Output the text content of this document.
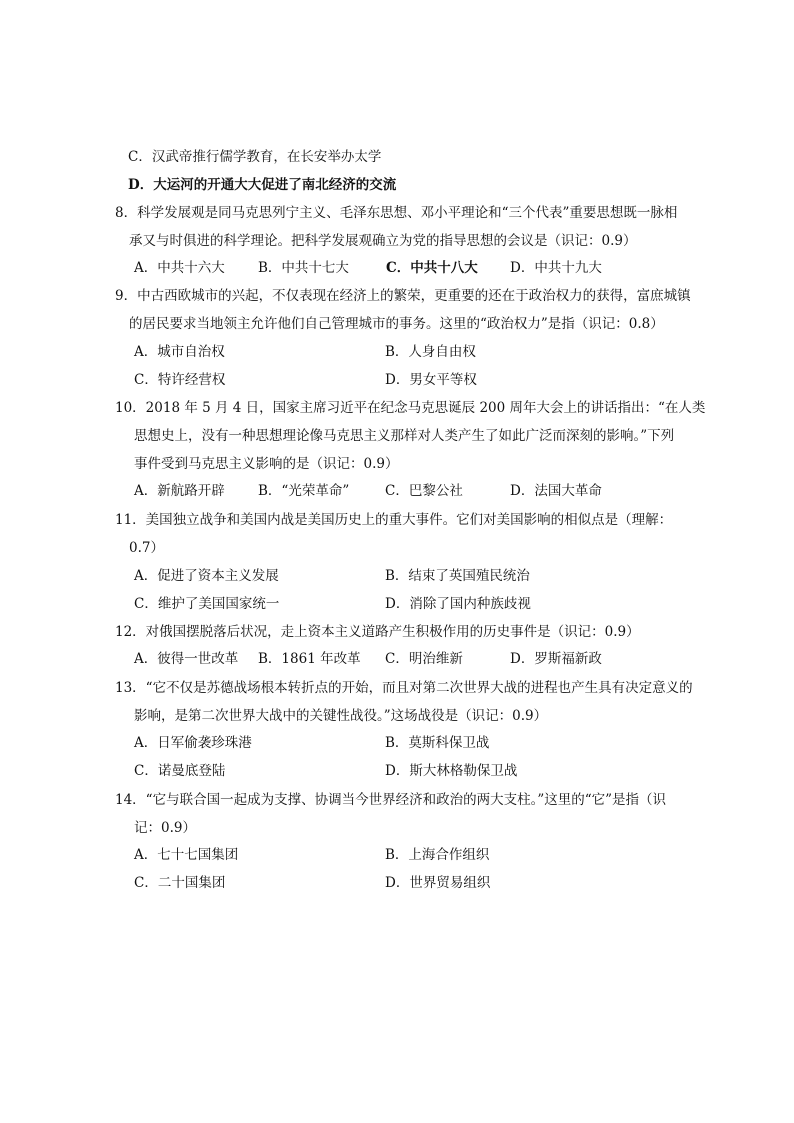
C．汉武帝推行儒学教育，在长安举办太学
D．大运河的开通大大促进了南北经济的交流
8．科学发展观是同马克思列宁主义、毛泽东思想、邓小平理论和“三个代表”重要思想既一脉相
承又与时俱进的科学理论。把科学发展观确立为党的指导思想的会议是（识记：0.9）
A．中共十六大 B．中共十七大	C．中共十八大 D．中共十九大
9．中古西欧城市的兴起，不仅表现在经济上的繁荣，更重要的还在于政治权力的获得，富庶城镇
的居民要求当地领主允许他们自己管理城市的事务。这里的“政治权力”是指（识记：0.8）
A．城市自治权	B．人身自由权
C．特许经营权	D．男女平等权
10．2018 年 5 月 4 日，国家主席习近平在纪念马克思诞辰 200 周年大会上的讲话指出：“在人类
思想史上，没有一种思想理论像马克思主义那样对人类产生了如此广泛而深刻的影响。”下列
事件受到马克思主义影响的是（识记：0.9）
A．新航路开辟 B．“光荣革命”	C．巴黎公社	D．法国大革命
11．美国独立战争和美国内战是美国历史上的重大事件。它们对美国影响的相似点是（理解：
0.7）
A．促进了资本主义发展	B．结束了英国殖民统治
C．维护了美国国家统一	D．消除了国内种族歧视
12．对俄国摆脱落后状况，走上资本主义道路产生积极作用的历史事件是（识记：0.9）
A．彼得一世改革 B．1861 年改革 C．明治维新	D．罗斯福新政
13．“它不仅是苏德战场根本转折点的开始，而且对第二次世界大战的进程也产生具有决定意义的
影响，是第二次世界大战中的关键性战役。”这场战役是（识记：0.9）
A．日军偷袭珍珠港	B．莫斯科保卫战
C．诺曼底登陆	D．斯大林格勒保卫战
14．“它与联合国一起成为支撑、协调当今世界经济和政治的两大支柱。”这里的“它”是指（识
记：0.9）
A．七十七国集团	B．上海合作组织
C．二十国集团	D．世界贸易组织
